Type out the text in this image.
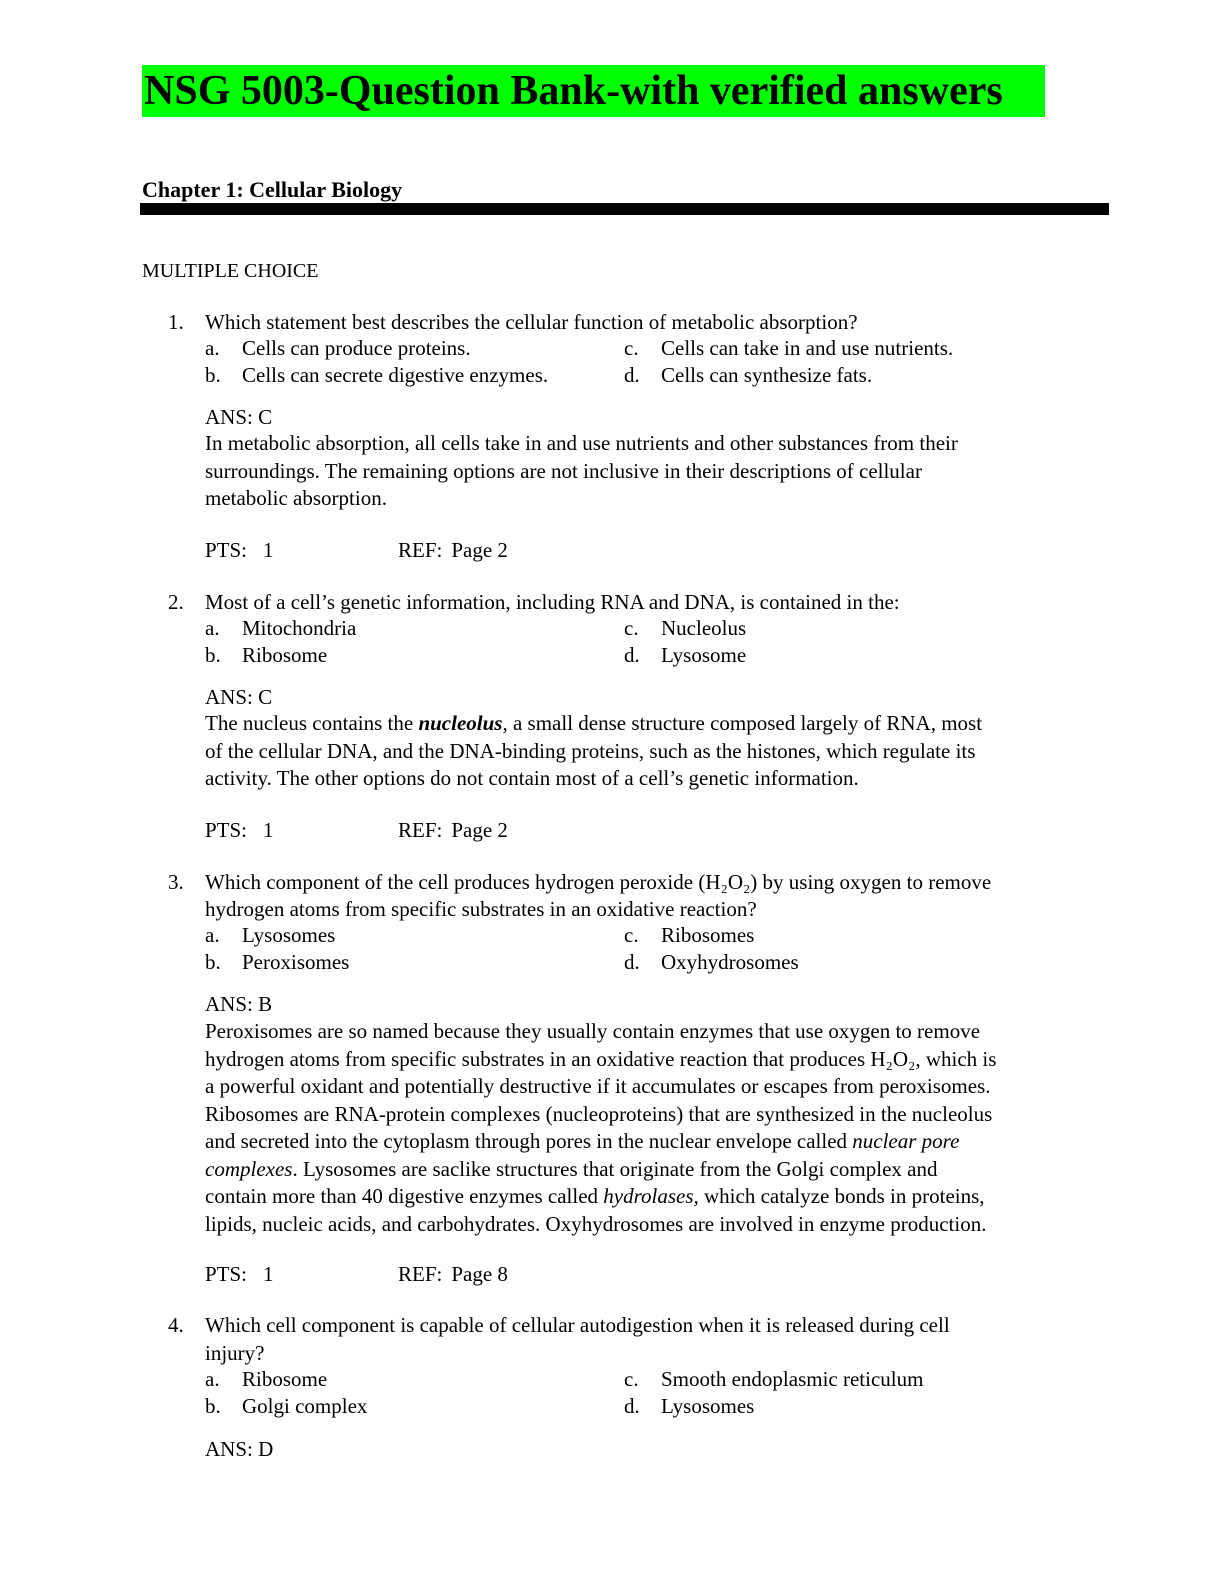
NSG 5003-Question Bank-with verified answers
Chapter 1: Cellular Biology
MULTIPLE CHOICE
1. Which statement best describes the cellular function of metabolic absorption?
a. Cells can produce proteins.
b. Cells can secrete digestive enzymes.
c. Cells can take in and use nutrients.
d. Cells can synthesize fats.
ANS: C
In metabolic absorption, all cells take in and use nutrients and other substances from their
surroundings. The remaining options are not inclusive in their descriptions of cellular
metabolic absorption.
PTS: 1	REF: Page 2
2. Most of a cell’s genetic information, including RNA and DNA, is contained in the:
a. Mitochondria
b. Ribosome
c. Nucleolus
d. Lysosome
ANS: C
The nucleus contains the nucleolus, a small dense structure composed largely of RNA, most
of the cellular DNA, and the DNA-binding proteins, such as the histones, which regulate its
activity. The other options do not contain most of a cell’s genetic information.
PTS: 1	REF: Page 2
3. Which component of the cell produces hydrogen peroxide (H₂O₂) by using oxygen to remove
hydrogen atoms from specific substrates in an oxidative reaction?
a. Lysosomes
b. Peroxisomes
c. Ribosomes
d. Oxyhydrosomes
ANS: B
Peroxisomes are so named because they usually contain enzymes that use oxygen to remove
hydrogen atoms from specific substrates in an oxidative reaction that produces H₂O₂, which is
a powerful oxidant and potentially destructive if it accumulates or escapes from peroxisomes.
Ribosomes are RNA-protein complexes (nucleoproteins) that are synthesized in the nucleolus
and secreted into the cytoplasm through pores in the nuclear envelope called nuclear pore
complexes. Lysosomes are saclike structures that originate from the Golgi complex and
contain more than 40 digestive enzymes called hydrolases, which catalyze bonds in proteins,
lipids, nucleic acids, and carbohydrates. Oxyhydrosomes are involved in enzyme production.
PTS: 1	REF: Page 8
4. Which cell component is capable of cellular autodigestion when it is released during cell
injury?
a. Ribosome
b. Golgi complex
c. Smooth endoplasmic reticulum
d. Lysosomes
ANS: D
